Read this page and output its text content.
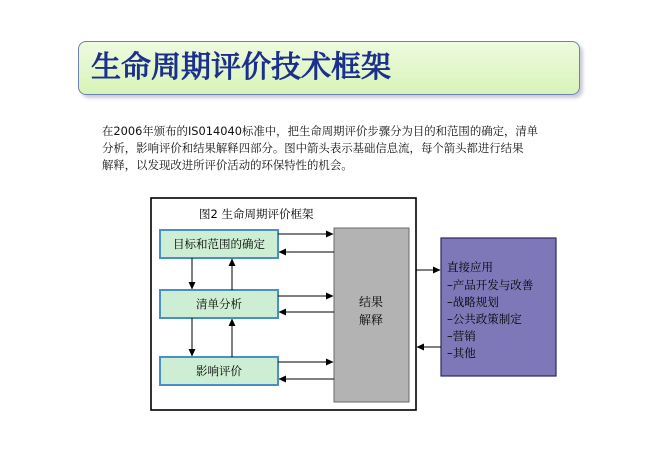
生命周期评价技术框架
在2006年颁布的IS014040标准中，把生命周期评价步骤分为目的和范围的确定，清单
分析，影响评价和结果解释四部分。图中箭头表示基础信息流，每个箭头都进行结果
解释，以发现改进所评价活动的环保特性的机会。
图2 生命周期评价框架
目标和范围的确定
清单分析
影响评价
结果
解释
直接应用
–产品开发与改善
–战略规划
–公共政策制定
–营销
–其他
